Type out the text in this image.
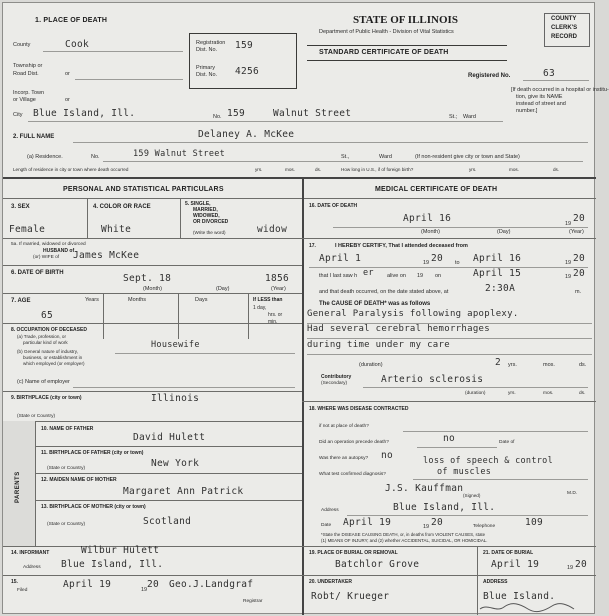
1. PLACE OF DEATH
County	Cook
Township or
Road Dist.	or
Incorp. Town
or Village	or
City Blue Island, Ill.	No. 159	Walnut Street	St.; Ward
Registration
Dist. No. 159
Primary
Dist. No. 4256
STATE OF ILLINOIS
Department of Public Health - Division of Vital Statistics
STANDARD CERTIFICATE OF DEATH
Registered No.	63
[If death occurred in a hospital or institu-
tion, give its NAME
instead of street and
number.]
COUNTY
CLERK'S
RECORD
2. FULL NAME	Delaney A. McKee
(a) Residence.	No.	159 Walnut Street	St.,	Ward	(If non-resident give city or town and State)
Length of residence in city or town where death occurred	yrs.	mos.	ds.	How long in U.S., if of foreign birth?	yrs.	mos.	ds.
PERSONAL AND STATISTICAL PARTICULARS	MEDICAL CERTIFICATE OF DEATH
3. SEX
Female
4. COLOR OR RACE
White
5. SINGLE,
MARRIED,
WIDOWED,
OR DIVORCED
(Write the word)	widow
5a. If married, widowed or divorced
HUSBAND of
(or) WIFE of James McKee
6. DATE OF BIRTH	Sept. 18	1856
(Month)	(Day)	(Year)
7. AGE	Years	Months	Days
65
If LESS than
1 day,
hrs. or
min.
8. OCCUPATION OF DECEASED
(a) Trade, profession, or
particular kind of work
(b) General nature of industry,
business, or establishment in
which employed (or employer)
Housewife
(c) Name of employer
9. BIRTHPLACE (city or town)	Illinois
(State or Country)
PARENTS
10. NAME OF FATHER
David Hulett
11. BIRTHPLACE OF FATHER (city or town)
New York
(State or Country)
12. MAIDEN NAME OF MOTHER
Margaret Ann Patrick
13. BIRTHPLACE OF MOTHER (city or town)
Scotland
(State or Country)
14. INFORMANT	Wilbur Hulett
Address Blue Island, Ill.
15.
Filed
April 19	19 20 Geo.J.Landgraf
Registrar
16. DATE OF DEATH
April 16	19 20
(Month)	(Day)	(Year)
17.	I HEREBY CERTIFY, That I attended deceased from
April 1	19 20 to April 16	19 20
that I last saw h er alive on 19 on	April 15	19 20
and that death occurred, on the date stated above, at	2:30A	m.
The CAUSE OF DEATH* was as follows
General Paralysis following apoplexy.
Had several cerebral hemorrhages
during time under my care
(duration)	2 yrs.	mos.	ds.
Contributory
(Secondary)	Arterio sclerosis
(duration)	yrs.	mos.	ds.
18. WHERE WAS DISEASE CONTRACTED
if not at place of death?
Did an operation precede death?	no	Date of
Was there an autopsy? no	loss of speech & control
What test confirmed diagnosis?	of muscles
J.S. Kauffman	M.D.
(Signed)
Address	Blue Island, Ill.
Date April 19	19 20	Telephone	109
*State the DISEASE CAUSING DEATH, or, in deaths from VIOLENT CAUSES, state
(1) MEANS OF INJURY; and (2) whether ACCIDENTAL, SUICIDAL, OR HOMICIDAL.
19. PLACE OF BURIAL OR REMOVAL
Batchlor Grove
21. DATE OF BURIAL
April 19	19 20
20. UNDERTAKER
Robt/ Krueger
ADDRESS
Blue Island.
